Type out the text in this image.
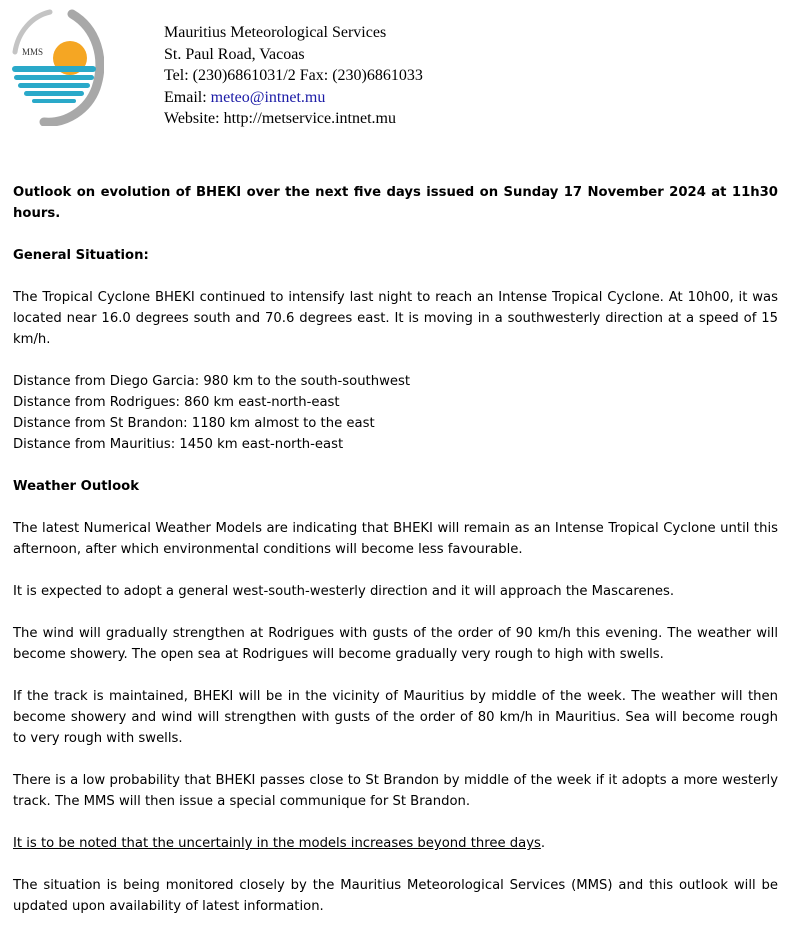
MMS
Mauritius Meteorological Services
St. Paul Road, Vacoas
Tel: (230)6861031/2 Fax: (230)6861033
Email: meteo@intnet.mu
Website: http://metservice.intnet.mu

Outlook on evolution of BHEKI over the next five days issued on Sunday 17 November 2024 at 11h30 hours.

General Situation:

The Tropical Cyclone BHEKI continued to intensify last night to reach an Intense Tropical Cyclone. At 10h00, it was located near 16.0 degrees south and 70.6 degrees east. It is moving in a southwesterly direction at a speed of 15 km/h.

Distance from Diego Garcia: 980 km to the south-southwest

Distance from Rodrigues: 860 km east-north-east

Distance from St Brandon: 1180 km almost to the east

Distance from Mauritius: 1450 km east-north-east

Weather Outlook

The latest Numerical Weather Models are indicating that BHEKI will remain as an Intense Tropical Cyclone until this afternoon, after which environmental conditions will become less favourable.

It is expected to adopt a general west-south-westerly direction and it will approach the Mascarenes.

The wind will gradually strengthen at Rodrigues with gusts of the order of 90 km/h this evening. The weather will become showery. The open sea at Rodrigues will become gradually very rough to high with swells.

If the track is maintained, BHEKI will be in the vicinity of Mauritius by middle of the week. The weather will then become showery and wind will strengthen with gusts of the order of 80 km/h in Mauritius. Sea will become rough to very rough with swells.

There is a low probability that BHEKI passes close to St Brandon by middle of the week if it adopts a more westerly track. The MMS will then issue a special communique for St Brandon.

It is to be noted that the uncertainly in the models increases beyond three days.

The situation is being monitored closely by the Mauritius Meteorological Services (MMS) and this outlook will be updated upon availability of latest information.
